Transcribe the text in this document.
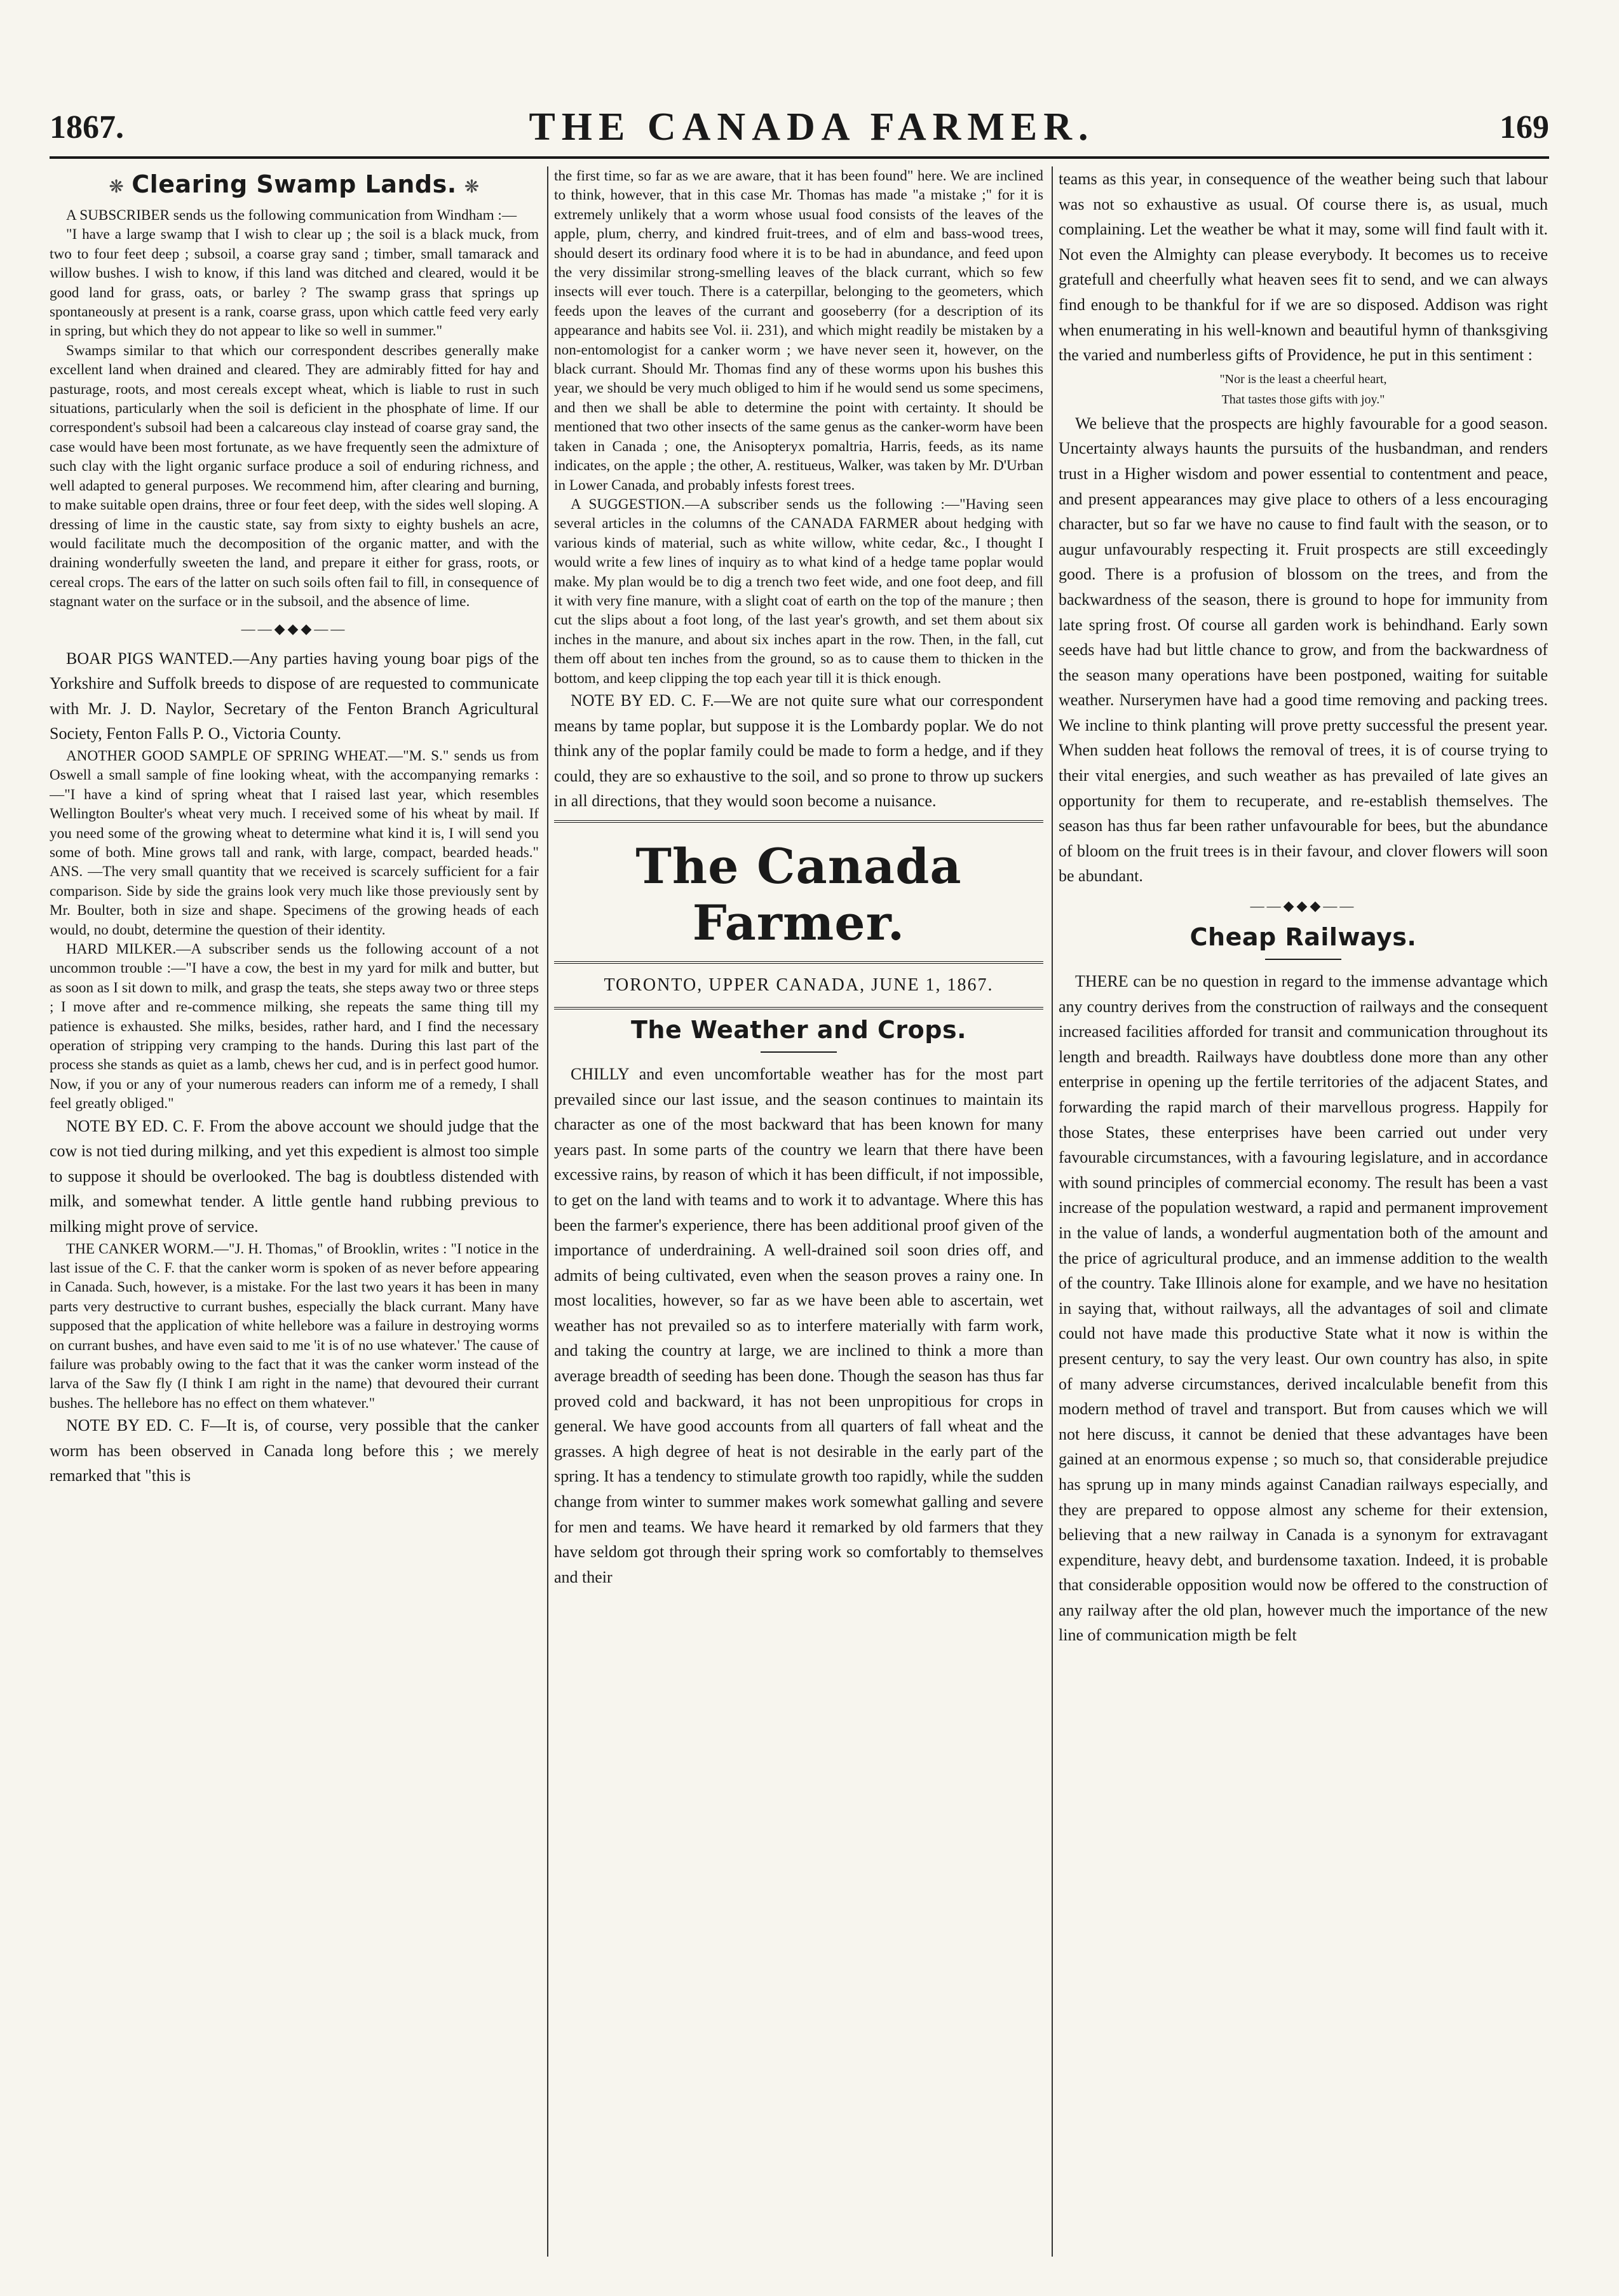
1867.	THE CANADA FARMER.	169
❋ Clearing Swamp Lands. ❋

A SUBSCRIBER sends us the following communication from Windham :—

"I have a large swamp that I wish to clear up ; the soil is a black muck, from two to four feet deep ; subsoil, a coarse gray sand ; timber, small tamarack and willow bushes. I wish to know, if this land was ditched and cleared, would it be good land for grass, oats, or barley ? The swamp grass that springs up spontaneously at present is a rank, coarse grass, upon which cattle feed very early in spring, but which they do not appear to like so well in summer."

Swamps similar to that which our correspondent describes generally make excellent land when drained and cleared. They are admirably fitted for hay and pasturage, roots, and most cereals except wheat, which is liable to rust in such situations, particularly when the soil is deficient in the phosphate of lime. If our correspondent's subsoil had been a calcareous clay instead of coarse gray sand, the case would have been most fortunate, as we have frequently seen the admixture of such clay with the light organic surface produce a soil of enduring richness, and well adapted to general purposes. We recommend him, after clearing and burning, to make suitable open drains, three or four feet deep, with the sides well sloping. A dressing of lime in the caustic state, say from sixty to eighty bushels an acre, would facilitate much the decomposition of the organic matter, and with the draining wonderfully sweeten the land, and prepare it either for grass, roots, or cereal crops. The ears of the latter on such soils often fail to fill, in consequence of stagnant water on the surface or in the subsoil, and the absence of lime.

——◆◆◆——

BOAR PIGS WANTED.—Any parties having young boar pigs of the Yorkshire and Suffolk breeds to dispose of are requested to communicate with Mr. J. D. Naylor, Secretary of the Fenton Branch Agricultural Society, Fenton Falls P. O., Victoria County.

ANOTHER GOOD SAMPLE OF SPRING WHEAT.—"M. S." sends us from Oswell a small sample of fine looking wheat, with the accompanying remarks :—"I have a kind of spring wheat that I raised last year, which resembles Wellington Boulter's wheat very much. I received some of his wheat by mail. If you need some of the growing wheat to determine what kind it is, I will send you some of both. Mine grows tall and rank, with large, compact, bearded heads." ANS. —The very small quantity that we received is scarcely sufficient for a fair comparison. Side by side the grains look very much like those previously sent by Mr. Boulter, both in size and shape. Specimens of the growing heads of each would, no doubt, determine the question of their identity.

HARD MILKER.—A subscriber sends us the following account of a not uncommon trouble :—"I have a cow, the best in my yard for milk and butter, but as soon as I sit down to milk, and grasp the teats, she steps away two or three steps ; I move after and re-commence milking, she repeats the same thing till my patience is exhausted. She milks, besides, rather hard, and I find the necessary operation of stripping very cramping to the hands. During this last part of the process she stands as quiet as a lamb, chews her cud, and is in perfect good humor. Now, if you or any of your numerous readers can inform me of a remedy, I shall feel greatly obliged."

NOTE BY ED. C. F. From the above account we should judge that the cow is not tied during milking, and yet this expedient is almost too simple to suppose it should be overlooked. The bag is doubtless distended with milk, and somewhat tender. A little gentle hand rubbing previous to milking might prove of service.

THE CANKER WORM.—"J. H. Thomas," of Brooklin, writes : "I notice in the last issue of the C. F. that the canker worm is spoken of as never before appearing in Canada. Such, however, is a mistake. For the last two years it has been in many parts very destructive to currant bushes, especially the black currant. Many have supposed that the application of white hellebore was a failure in destroying worms on currant bushes, and have even said to me 'it is of no use whatever.' The cause of failure was probably owing to the fact that it was the canker worm instead of the larva of the Saw fly (I think I am right in the name) that devoured their currant bushes. The hellebore has no effect on them whatever."

NOTE BY ED. C. F—It is, of course, very possible that the canker worm has been observed in Canada long before this ; we merely remarked that "this is

the first time, so far as we are aware, that it has been found" here. We are inclined to think, however, that in this case Mr. Thomas has made "a mistake ;" for it is extremely unlikely that a worm whose usual food consists of the leaves of the apple, plum, cherry, and kindred fruit-trees, and of elm and bass-wood trees, should desert its ordinary food where it is to be had in abundance, and feed upon the very dissimilar strong-smelling leaves of the black currant, which so few insects will ever touch. There is a caterpillar, belonging to the geometers, which feeds upon the leaves of the currant and gooseberry (for a description of its appearance and habits see Vol. ii. 231), and which might readily be mistaken by a non-entomologist for a canker worm ; we have never seen it, however, on the black currant. Should Mr. Thomas find any of these worms upon his bushes this year, we should be very much obliged to him if he would send us some specimens, and then we shall be able to determine the point with certainty. It should be mentioned that two other insects of the same genus as the canker-worm have been taken in Canada ; one, the Anisopteryx pomaltria, Harris, feeds, as its name indicates, on the apple ; the other, A. restitueus, Walker, was taken by Mr. D'Urban in Lower Canada, and probably infests forest trees.

A SUGGESTION.—A subscriber sends us the following :—"Having seen several articles in the columns of the CANADA FARMER about hedging with various kinds of material, such as white willow, white cedar, &c., I thought I would write a few lines of inquiry as to what kind of a hedge tame poplar would make. My plan would be to dig a trench two feet wide, and one foot deep, and fill it with very fine manure, with a slight coat of earth on the top of the manure ; then cut the slips about a foot long, of the last year's growth, and set them about six inches in the manure, and about six inches apart in the row. Then, in the fall, cut them off about ten inches from the ground, so as to cause them to thicken in the bottom, and keep clipping the top each year till it is thick enough.

NOTE BY ED. C. F.—We are not quite sure what our correspondent means by tame poplar, but suppose it is the Lombardy poplar. We do not think any of the poplar family could be made to form a hedge, and if they could, they are so exhaustive to the soil, and so prone to throw up suckers in all directions, that they would soon become a nuisance.

The Canada Farmer.
TORONTO, UPPER CANADA, JUNE 1, 1867.
The Weather and Crops.

CHILLY and even uncomfortable weather has for the most part prevailed since our last issue, and the season continues to maintain its character as one of the most backward that has been known for many years past. In some parts of the country we learn that there have been excessive rains, by reason of which it has been difficult, if not impossible, to get on the land with teams and to work it to advantage. Where this has been the farmer's experience, there has been additional proof given of the importance of underdraining. A well-drained soil soon dries off, and admits of being cultivated, even when the season proves a rainy one. In most localities, however, so far as we have been able to ascertain, wet weather has not prevailed so as to interfere materially with farm work, and taking the country at large, we are inclined to think a more than average breadth of seeding has been done. Though the season has thus far proved cold and backward, it has not been unpropitious for crops in general. We have good accounts from all quarters of fall wheat and the grasses. A high degree of heat is not desirable in the early part of the spring. It has a tendency to stimulate growth too rapidly, while the sudden change from winter to summer makes work somewhat galling and severe for men and teams. We have heard it remarked by old farmers that they have seldom got through their spring work so comfortably to themselves and their

teams as this year, in consequence of the weather being such that labour was not so exhaustive as usual. Of course there is, as usual, much complaining. Let the weather be what it may, some will find fault with it. Not even the Almighty can please everybody. It becomes us to receive gratefull and cheerfully what heaven sees fit to send, and we can always find enough to be thankful for if we are so disposed. Addison was right when enumerating in his well-known and beautiful hymn of thanksgiving the varied and numberless gifts of Providence, he put in this sentiment :

"Nor is the least a cheerful heart,

That tastes those gifts with joy."

We believe that the prospects are highly favourable for a good season. Uncertainty always haunts the pursuits of the husbandman, and renders trust in a Higher wisdom and power essential to contentment and peace, and present appearances may give place to others of a less encouraging character, but so far we have no cause to find fault with the season, or to augur unfavourably respecting it. Fruit prospects are still exceedingly good. There is a profusion of blossom on the trees, and from the backwardness of the season, there is ground to hope for immunity from late spring frost. Of course all garden work is behindhand. Early sown seeds have had but little chance to grow, and from the backwardness of the season many operations have been postponed, waiting for suitable weather. Nurserymen have had a good time removing and packing trees. We incline to think planting will prove pretty successful the present year. When sudden heat follows the removal of trees, it is of course trying to their vital energies, and such weather as has prevailed of late gives an opportunity for them to recuperate, and re-establish themselves. The season has thus far been rather unfavourable for bees, but the abundance of bloom on the fruit trees is in their favour, and clover flowers will soon be abundant.

——◆◆◆——
Cheap Railways.

THERE can be no question in regard to the immense advantage which any country derives from the construction of railways and the consequent increased facilities afforded for transit and communication throughout its length and breadth. Railways have doubtless done more than any other enterprise in opening up the fertile territories of the adjacent States, and forwarding the rapid march of their marvellous progress. Happily for those States, these enterprises have been carried out under very favourable circumstances, with a favouring legislature, and in accordance with sound principles of commercial economy. The result has been a vast increase of the population westward, a rapid and permanent improvement in the value of lands, a wonderful augmentation both of the amount and the price of agricultural produce, and an immense addition to the wealth of the country. Take Illinois alone for example, and we have no hesitation in saying that, without railways, all the advantages of soil and climate could not have made this productive State what it now is within the present century, to say the very least. Our own country has also, in spite of many adverse circumstances, derived incalculable benefit from this modern method of travel and transport. But from causes which we will not here discuss, it cannot be denied that these advantages have been gained at an enormous expense ; so much so, that considerable prejudice has sprung up in many minds against Canadian railways especially, and they are prepared to oppose almost any scheme for their extension, believing that a new railway in Canada is a synonym for extravagant expenditure, heavy debt, and burdensome taxation. Indeed, it is probable that considerable opposition would now be offered to the construction of any railway after the old plan, however much the importance of the new line of communication migth be felt
